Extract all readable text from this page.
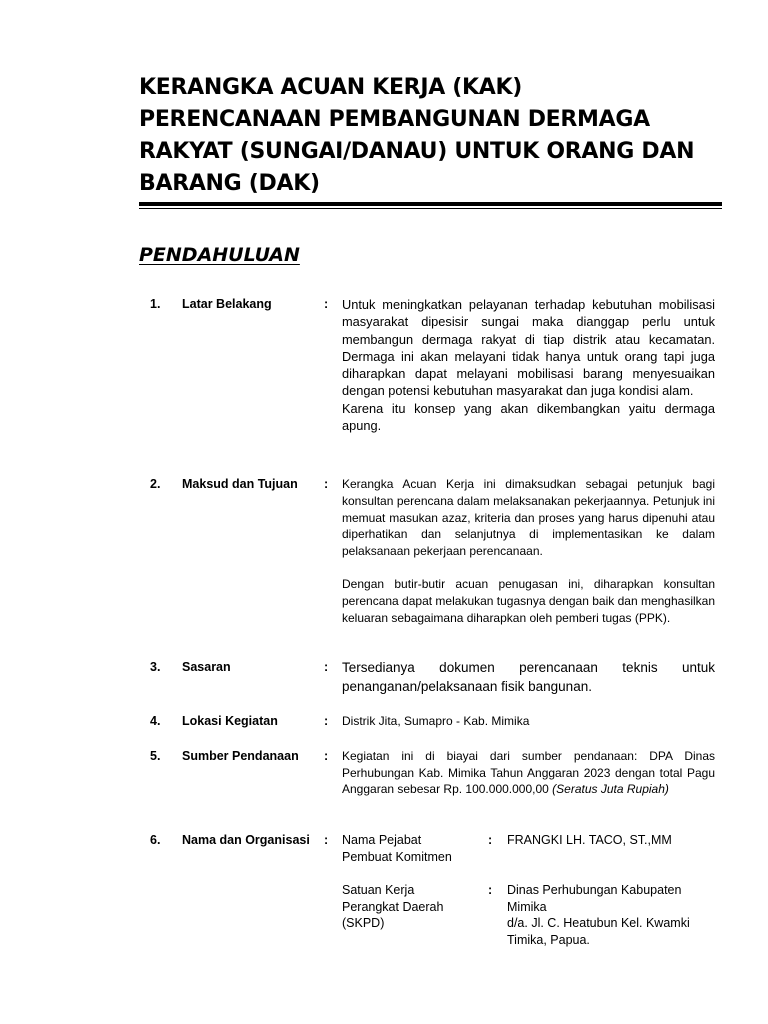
KERANGKA ACUAN KERJA (KAK)
PERENCANAAN PEMBANGUNAN DERMAGA
RAKYAT (SUNGAI/DANAU) UNTUK ORANG DAN
BARANG (DAK)
PENDAHULUAN
1. Latar Belakang	: Untuk meningkatkan pelayanan terhadap kebutuhan mobilisasi masyarakat dipesisir sungai maka dianggap perlu untuk membangun dermaga rakyat di tiap distrik atau kecamatan. Dermaga ini akan melayani tidak hanya untuk orang tapi juga diharapkan dapat melayani mobilisasi barang menyesuaikan dengan potensi kebutuhan masyarakat dan juga kondisi alam.

Karena itu konsep yang akan dikembangkan yaitu dermaga apung.

2. Maksud dan Tujuan : Kerangka Acuan Kerja ini dimaksudkan sebagai petunjuk bagi konsultan perencana dalam melaksanakan pekerjaannya. Petunjuk ini memuat masukan azaz, kriteria dan proses yang harus dipenuhi atau diperhatikan dan selanjutnya di implementasikan ke dalam pelaksanaan pekerjaan perencanaan.

Dengan butir-butir acuan penugasan ini, diharapkan konsultan perencana dapat melakukan tugasnya dengan baik dan menghasilkan keluaran sebagaimana diharapkan oleh pemberi tugas (PPK).

3. Sasaran	: Tersedianya dokumen perencanaan teknis untuk penanganan/pelaksanaan fisik bangunan.

4. Lokasi Kegiatan	: Distrik Jita, Sumapro - Kab. Mimika

5. Sumber Pendanaan : Kegiatan ini di biayai dari sumber pendanaan: DPA Dinas Perhubungan Kab. Mimika Tahun Anggaran 2023 dengan total Pagu Anggaran sebesar Rp. 100.000.000,00 (Seratus Juta Rupiah)

6. Nama dan Organisasi : Nama Pejabat Pembuat Komitmen
: FRANGKI LH. TACO, ST.,MM
Satuan Kerja Perangkat Daerah (SKPD)
: Dinas Perhubungan Kabupaten Mimika
d/a. Jl. C. Heatubun Kel. Kwamki Timika, Papua.
